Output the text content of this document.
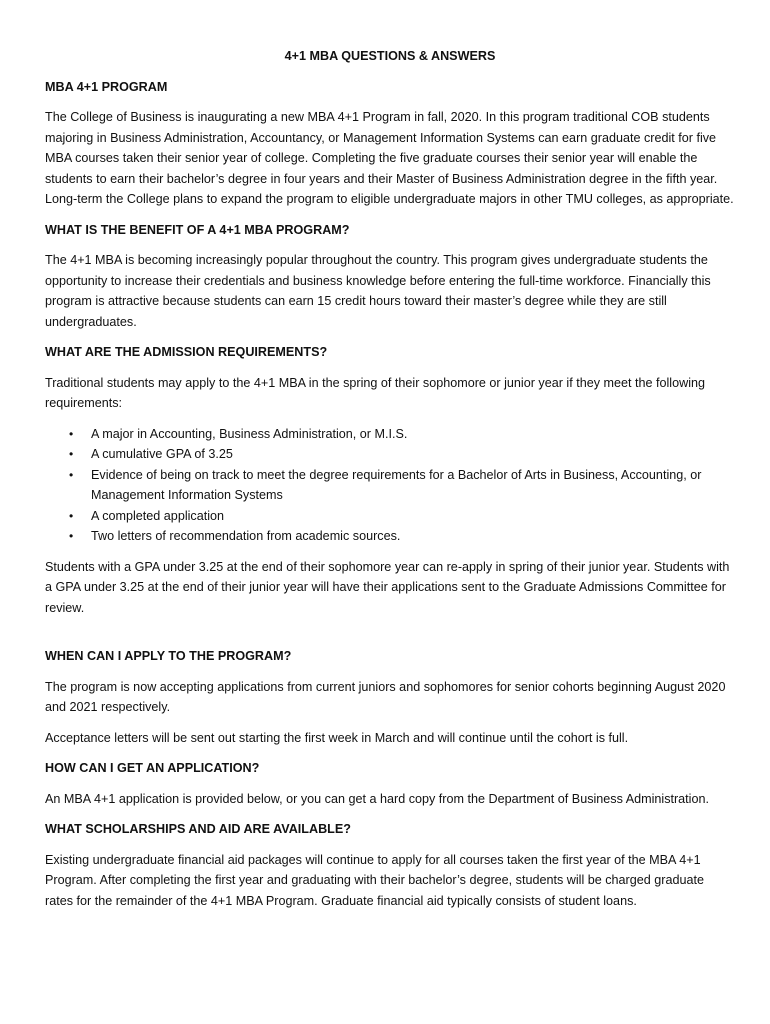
4+1 MBA QUESTIONS & ANSWERS
MBA 4+1 PROGRAM

The College of Business is inaugurating a new MBA 4+1 Program in fall, 2020. In this program traditional COB students majoring in Business Administration, Accountancy, or Management Information Systems can earn graduate credit for five MBA courses taken their senior year of college. Completing the five graduate courses their senior year will enable the students to earn their bachelor’s degree in four years and their Master of Business Administration degree in the fifth year. Long-term the College plans to expand the program to eligible undergraduate majors in other TMU colleges, as appropriate.

WHAT IS THE BENEFIT OF A 4+1 MBA PROGRAM?

The 4+1 MBA is becoming increasingly popular throughout the country. This program gives undergraduate students the opportunity to increase their credentials and business knowledge before entering the full-time workforce. Financially this program is attractive because students can earn 15 credit hours toward their master’s degree while they are still undergraduates.

WHAT ARE THE ADMISSION REQUIREMENTS?

Traditional students may apply to the 4+1 MBA in the spring of their sophomore or junior year if they meet the following requirements:

• A major in Accounting, Business Administration, or M.I.S.
• A cumulative GPA of 3.25
• Evidence of being on track to meet the degree requirements for a Bachelor of Arts in Business, Accounting, or Management Information Systems
• A completed application
• Two letters of recommendation from academic sources.

Students with a GPA under 3.25 at the end of their sophomore year can re-apply in spring of their junior year. Students with a GPA under 3.25 at the end of their junior year will have their applications sent to the Graduate Admissions Committee for review.

WHEN CAN I APPLY TO THE PROGRAM?

The program is now accepting applications from current juniors and sophomores for senior cohorts beginning August 2020 and 2021 respectively.

Acceptance letters will be sent out starting the first week in March and will continue until the cohort is full.

HOW CAN I GET AN APPLICATION?

An MBA 4+1 application is provided below, or you can get a hard copy from the Department of Business Administration.

WHAT SCHOLARSHIPS AND AID ARE AVAILABLE?

Existing undergraduate financial aid packages will continue to apply for all courses taken the first year of the MBA 4+1 Program. After completing the first year and graduating with their bachelor’s degree, students will be charged graduate rates for the remainder of the 4+1 MBA Program. Graduate financial aid typically consists of student loans.
